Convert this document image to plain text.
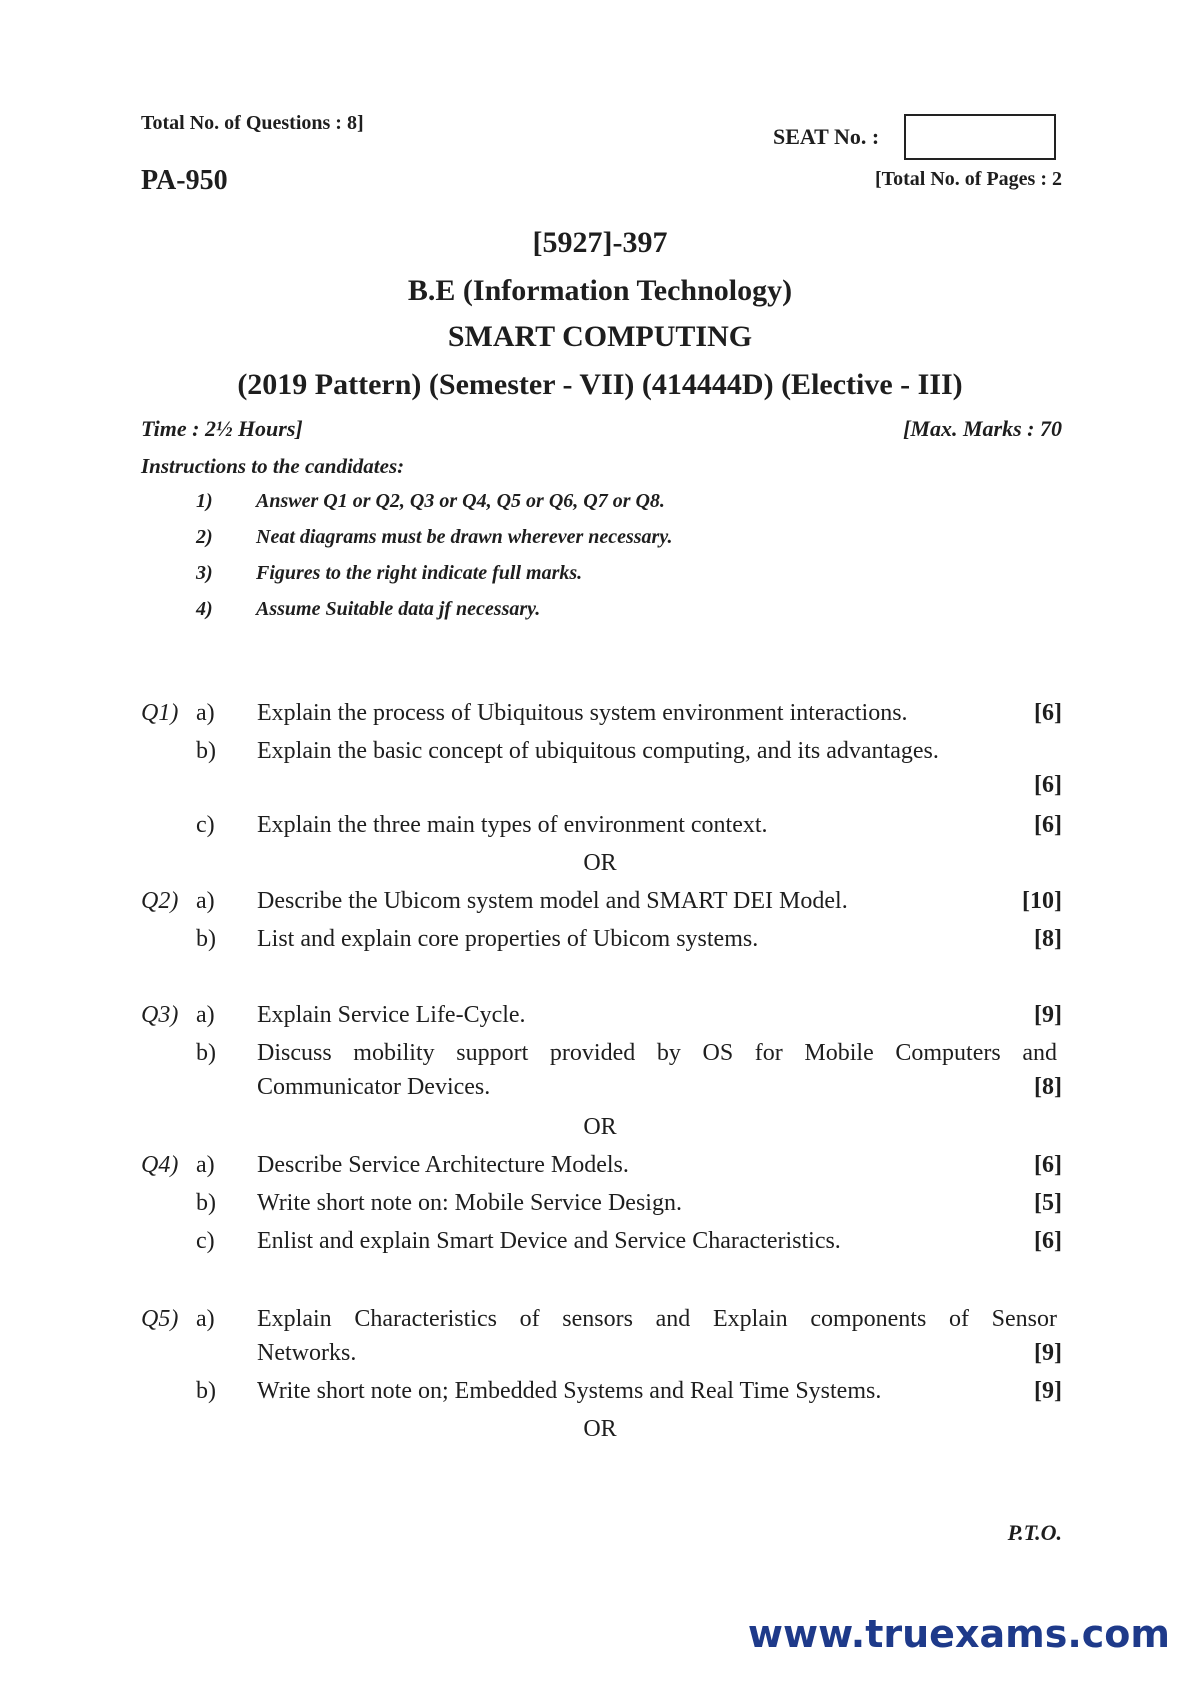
Total No. of Questions : 8]
SEAT No. :
PA-950	[Total No. of Pages : 2
[5927]-397
B.E (Information Technology)
SMART COMPUTING
(2019 Pattern) (Semester - VII) (414444D) (Elective - III)
Time : 2½ Hours]	[Max. Marks : 70
Instructions to the candidates:
1) Answer Q1 or Q2, Q3 or Q4, Q5 or Q6, Q7 or Q8.
2) Neat diagrams must be drawn wherever necessary.
3) Figures to the right indicate full marks.
4) Assume Suitable data jf necessary.
Q1) a) Explain the process of Ubiquitous system environment interactions.	[6]
b) Explain the basic concept of ubiquitous computing, and its advantages.
[6]
c) Explain the three main types of environment context.	[6]
OR
Q2) a) Describe the Ubicom system model and SMART DEI Model.	[10]
b) List and explain core properties of Ubicom systems.	[8]
Q3) a) Explain Service Life-Cycle.	[9]
b) Discuss mobility support provided by OS for Mobile Computers and
Communicator Devices.	[8]
OR
Q4) a) Describe Service Architecture Models.	[6]
b) Write short note on: Mobile Service Design.	[5]
c) Enlist and explain Smart Device and Service Characteristics.	[6]
Q5) a) Explain Characteristics of sensors and Explain components of Sensor
Networks.	[9]
b) Write short note on; Embedded Systems and Real Time Systems.	[9]
OR
P.T.O.
www.truexams.com
